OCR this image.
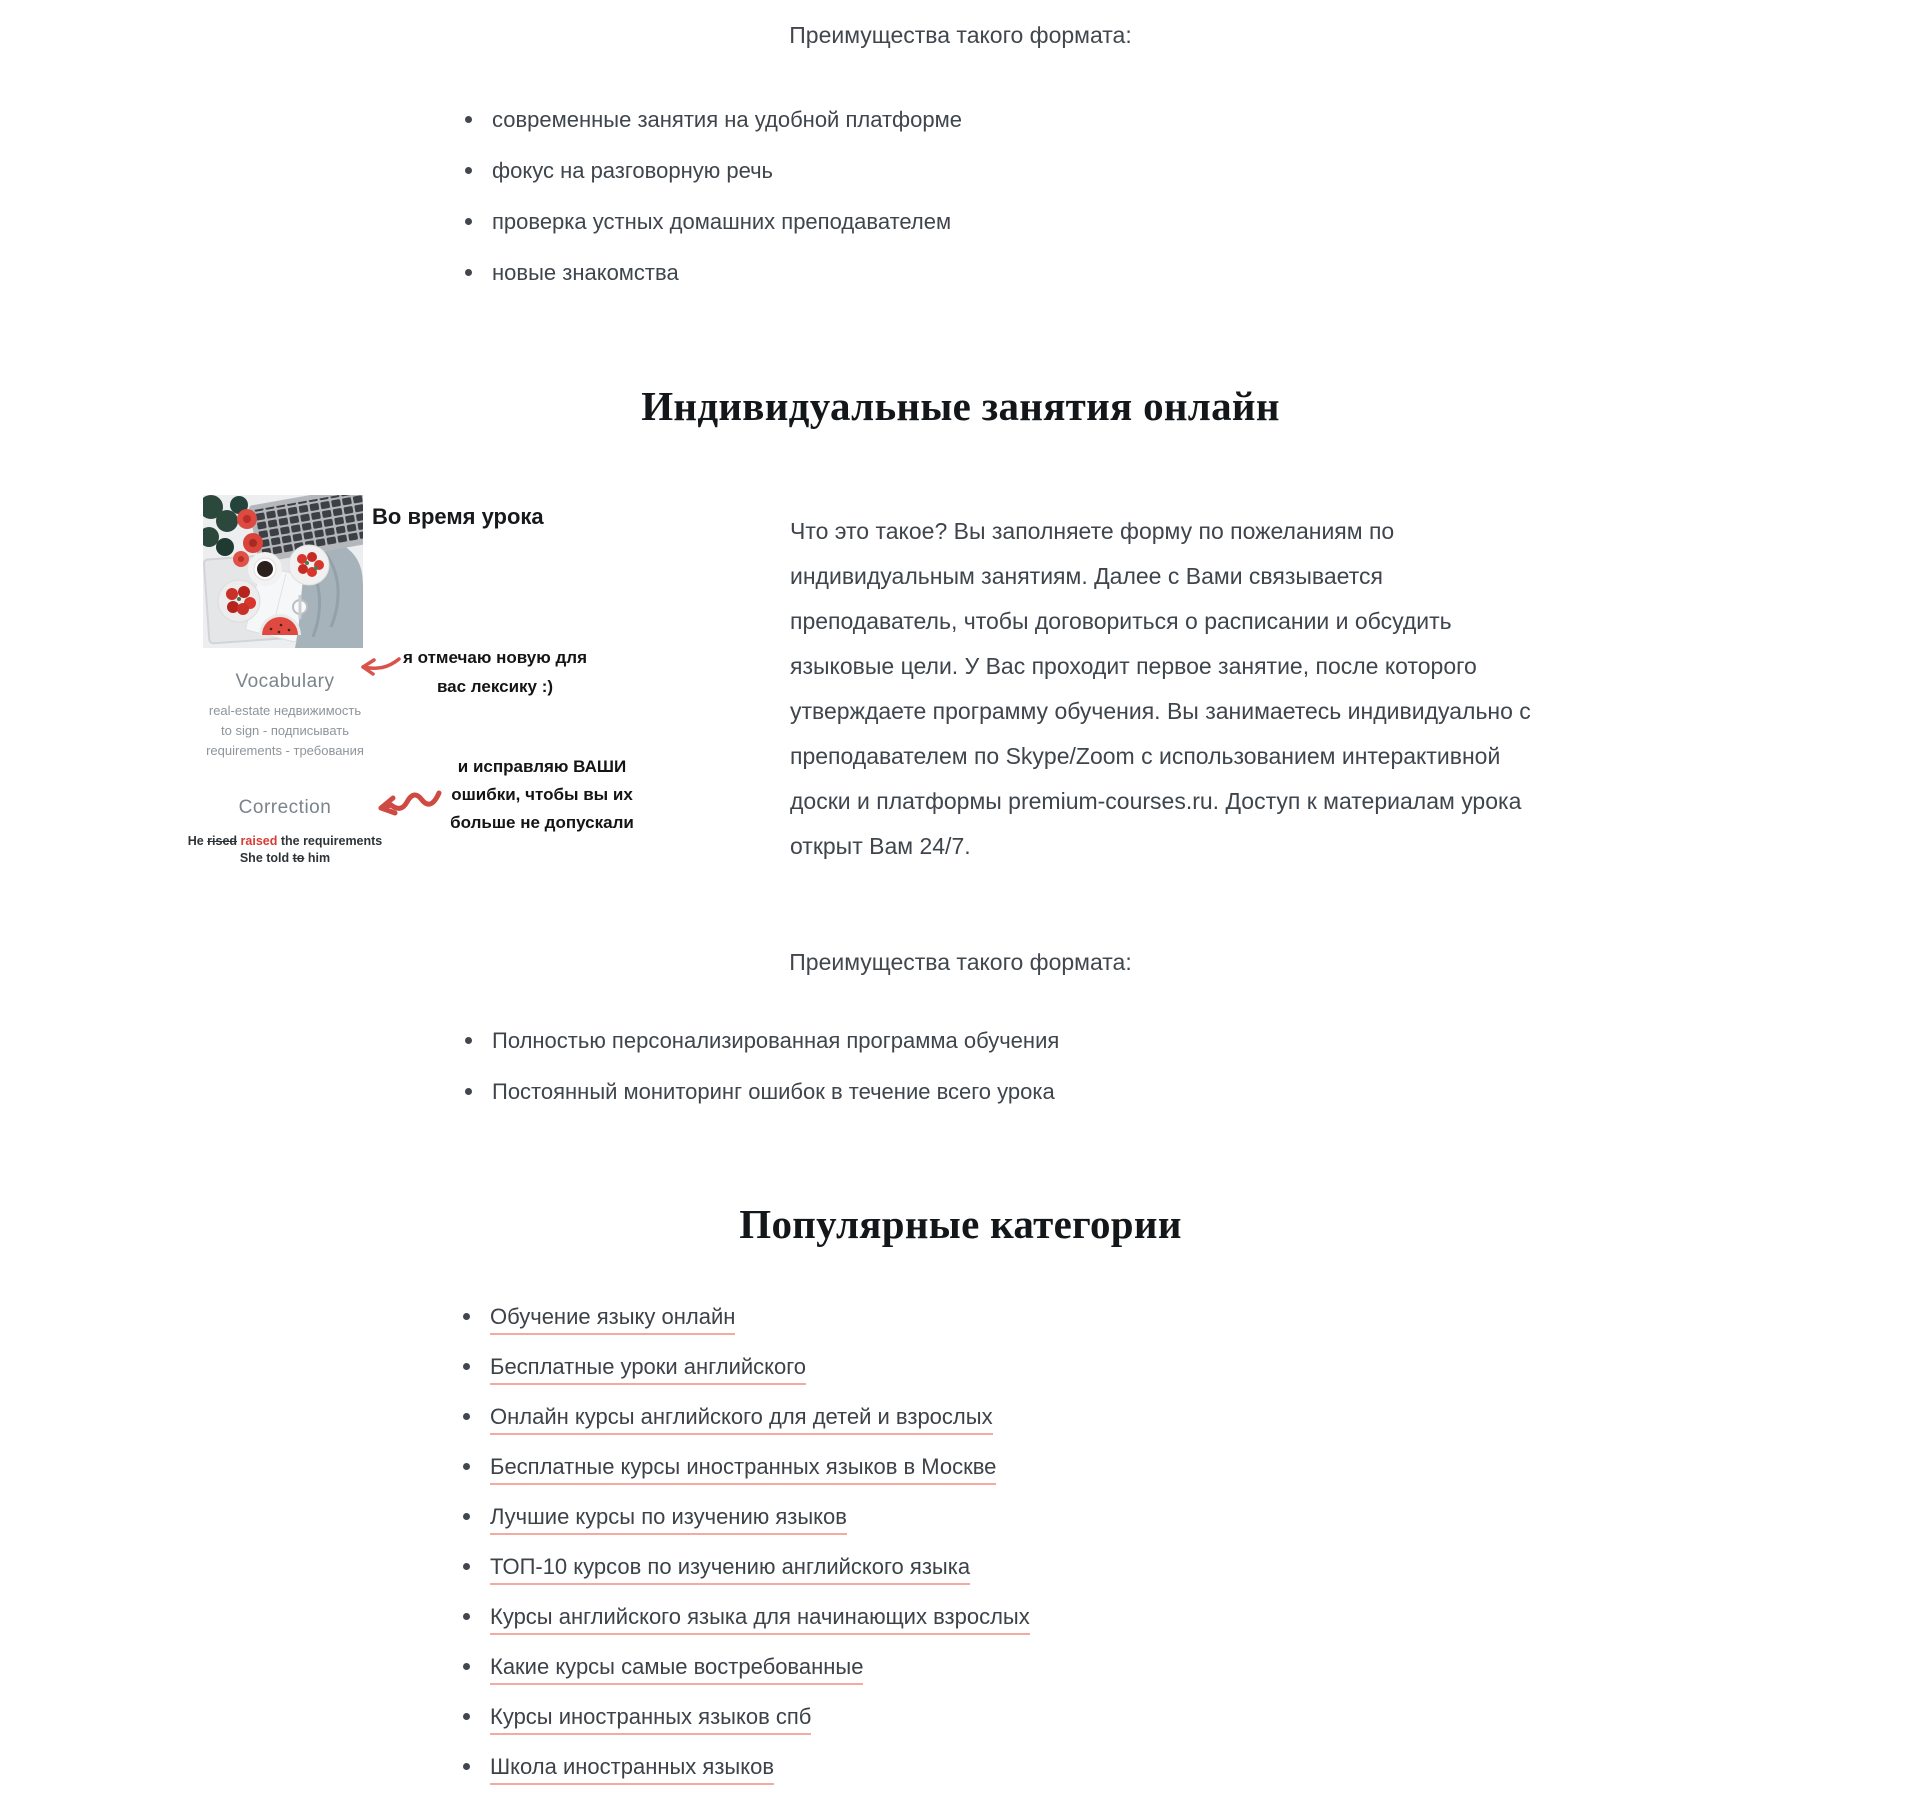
Преимущества такого формата:
современные занятия на удобной платформе
фокус на разговорную речь
проверка устных домашних преподавателем
новые знакомства
Индивидуальные занятия онлайн
Во время урока
я отмечаю новую для
вас лексику :)
Vocabulary
real-estate недвижимость
to sign - подписывать
requirements - требования
Correction
He rised raised the requirements
She told to him
и исправляю ВАШИ
ошибки, чтобы вы их
больше не допускали
Что это такое? Вы заполняете форму по пожеланиям по
индивидуальным занятиям. Далее с Вами связывается
преподаватель, чтобы договориться о расписании и обсудить
языковые цели. У Вас проходит первое занятие, после которого
утверждаете программу обучения. Вы занимаетесь индивидуально с
преподавателем по Skype/Zoom с использованием интерактивной
доски и платформы premium-courses.ru. Доступ к материалам урока
открыт Вам 24/7.
Преимущества такого формата:
Полностью персонализированная программа обучения
Постоянный мониторинг ошибок в течение всего урока
Популярные категории
Обучение языку онлайн
Бесплатные уроки английского
Онлайн курсы английского для детей и взрослых
Бесплатные курсы иностранных языков в Москве
Лучшие курсы по изучению языков
ТОП-10 курсов по изучению английского языка
Курсы английского языка для начинающих взрослых
Какие курсы самые востребованные
Курсы иностранных языков спб
Школа иностранных языков
